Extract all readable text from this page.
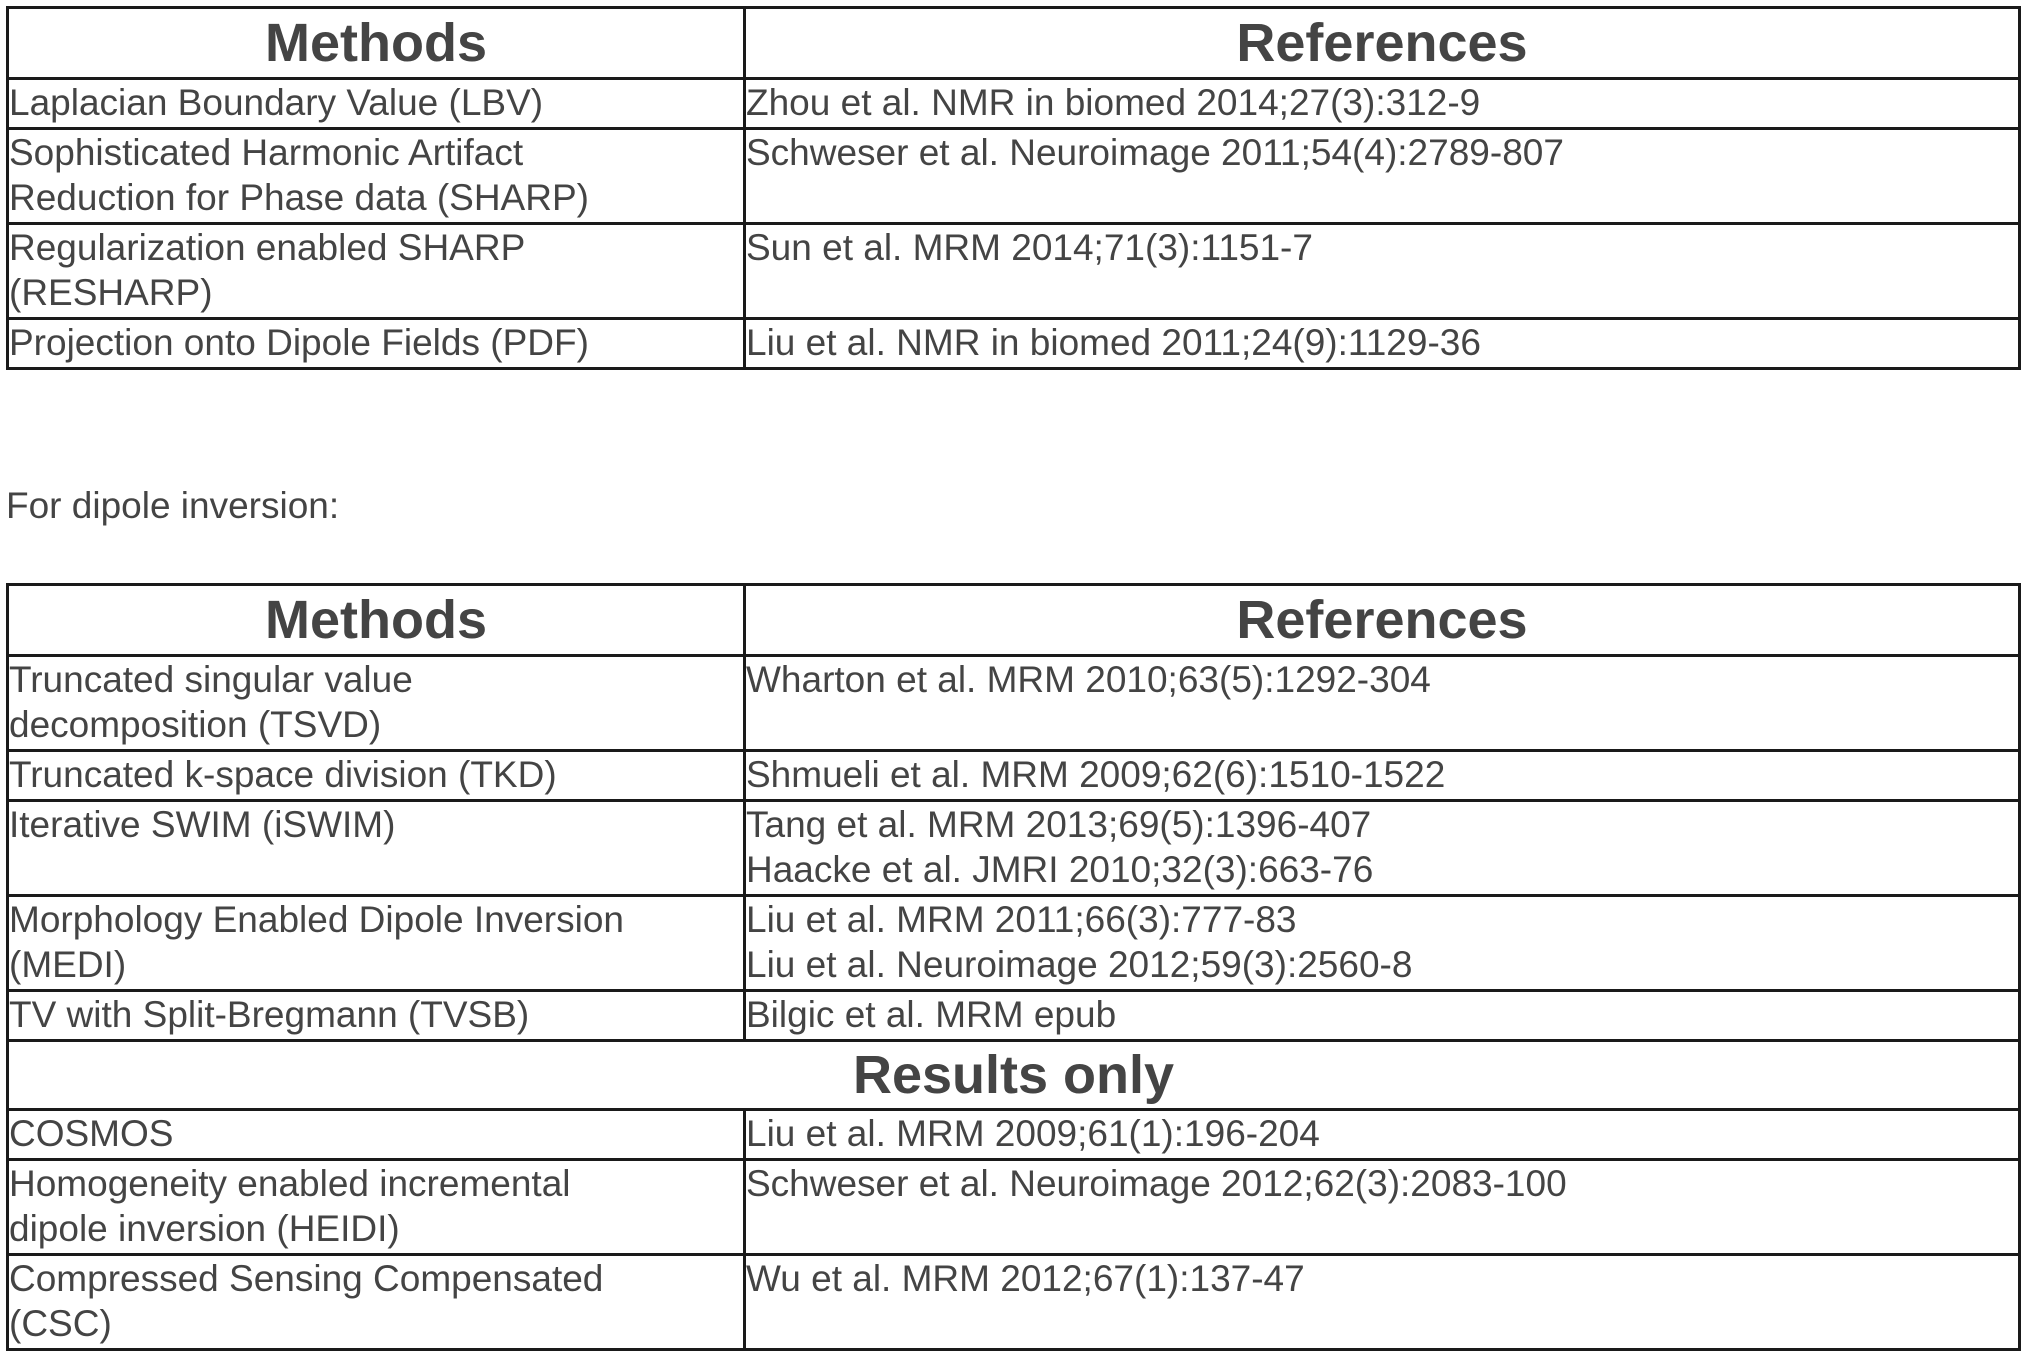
Methods	References

Laplacian Boundary Value (LBV)	Zhou et al. NMR in biomed 2014;27(3):312-9

Sophisticated Harmonic Artifact
Reduction for Phase data (SHARP)	Schweser et al. Neuroimage 2011;54(4):2789-807

Regularization enabled SHARP
(RESHARP)	Sun et al. MRM 2014;71(3):1151-7

Projection onto Dipole Fields (PDF)	Liu et al. NMR in biomed 2011;24(9):1129-36
For dipole inversion:
Methods	References

Truncated singular value
decomposition (TSVD)	Wharton et al. MRM 2010;63(5):1292-304

Truncated k-space division (TKD)	Shmueli et al. MRM 2009;62(6):1510-1522

Iterative SWIM (iSWIM)	Tang et al. MRM 2013;69(5):1396-407
Haacke et al. JMRI 2010;32(3):663-76

Morphology Enabled Dipole Inversion
(MEDI)	Liu et al. MRM 2011;66(3):777-83
Liu et al. Neuroimage 2012;59(3):2560-8

TV with Split-Bregmann (TVSB)	Bilgic et al. MRM epub

Results only	

COSMOS	Liu et al. MRM 2009;61(1):196-204

Homogeneity enabled incremental
dipole inversion (HEIDI)	Schweser et al. Neuroimage 2012;62(3):2083-100

Compressed Sensing Compensated
(CSC)	Wu et al. MRM 2012;67(1):137-47
